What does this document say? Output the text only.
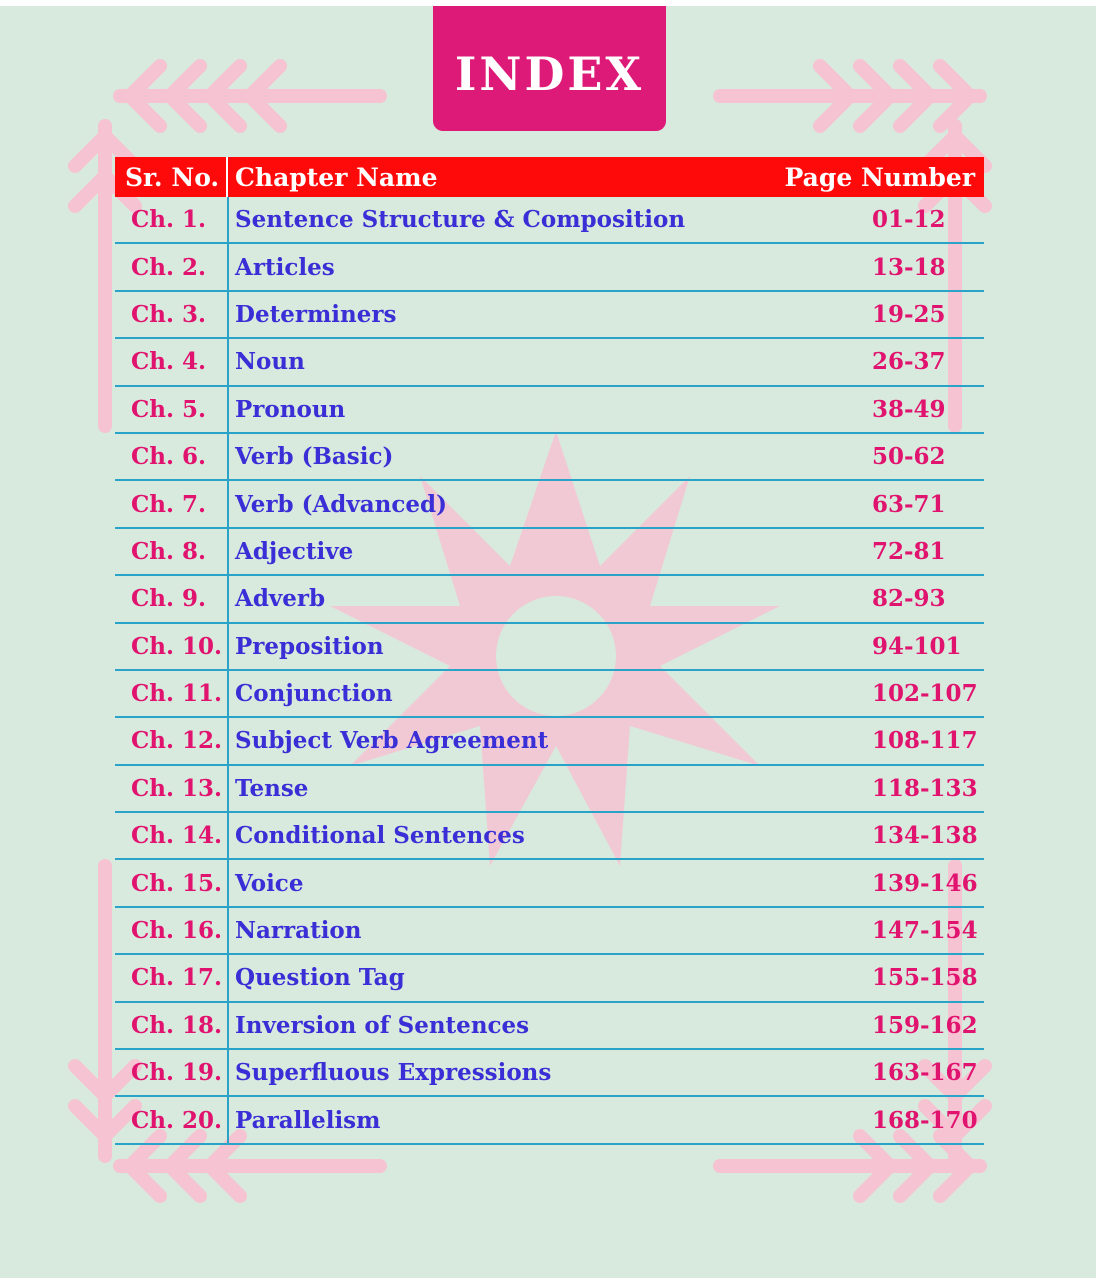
INDEX
Sr. No. Chapter Name	Page Number
Ch. 1.	Sentence Structure & Composition	01-12
Ch. 2.	Articles	13-18
Ch. 3.	Determiners	19-25
Ch. 4.	Noun	26-37
Ch. 5.	Pronoun	38-49
Ch. 6.	Verb (Basic)	50-62
Ch. 7.	Verb (Advanced)	63-71
Ch. 8.	Adjective	72-81
Ch. 9.	Adverb	82-93
Ch. 10. Preposition	94-101
Ch. 11. Conjunction	102-107
Ch. 12. Subject Verb Agreement	108-117
Ch. 13. Tense	118-133
Ch. 14. Conditional Sentences	134-138
Ch. 15. Voice	139-146
Ch. 16. Narration	147-154
Ch. 17. Question Tag	155-158
Ch. 18. Inversion of Sentences	159-162
Ch. 19. Superfluous Expressions	163-167
Ch. 20. Parallelism	168-170
